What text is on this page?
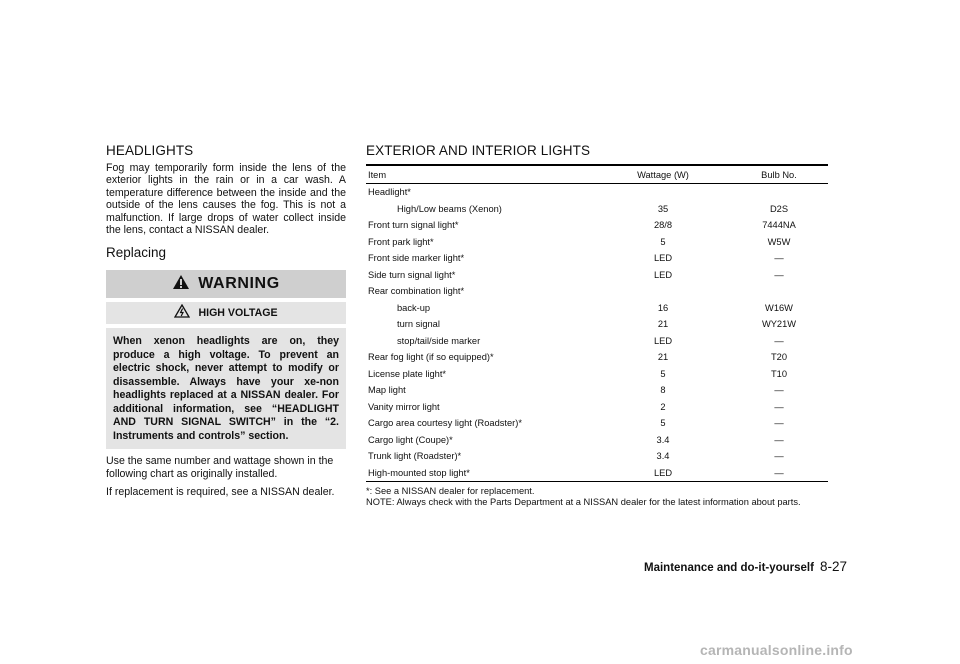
HEADLIGHTS

Fog may temporarily form inside the lens of the exterior lights in the rain or in a car wash. A temperature difference between the inside and the outside of the lens causes the fog. This is not a malfunction. If large drops of water collect inside the lens, contact a NISSAN dealer.

Replacing
WARNING
HIGH VOLTAGE
When xenon headlights are on, they produce a high voltage. To prevent an electric shock, never attempt to modify or disassemble. Always have your xe-non headlights replaced at a NISSAN dealer. For additional information, see “HEADLIGHT AND TURN SIGNAL SWITCH” in the “2. Instruments and controls” section.

Use the same number and wattage shown in the following chart as originally installed.

If replacement is required, see a NISSAN dealer.

EXTERIOR AND INTERIOR LIGHTS
Item	Wattage (W)	Bulb No.
Headlight*		
High/Low beams (Xenon)	35	D2S
Front turn signal light*	28/8	7444NA
Front park light*	5	W5W
Front side marker light*	LED	—
Side turn signal light*	LED	—
Rear combination light*		
back-up	16	W16W
turn signal	21	WY21W
stop/tail/side marker	LED	—
Rear fog light (if so equipped)*	21	T20
License plate light*	5	T10
Map light	8	—
Vanity mirror light	2	—
Cargo area courtesy light (Roadster)*	5	—
Cargo light (Coupe)*	3.4	—
Trunk light (Roadster)*	3.4	—
High-mounted stop light*	LED	—

*: See a NISSAN dealer for replacement.

NOTE: Always check with the Parts Department at a NISSAN dealer for the latest information about parts.

Maintenance and do-it-yourself 8-27
carmanualsonline.info
